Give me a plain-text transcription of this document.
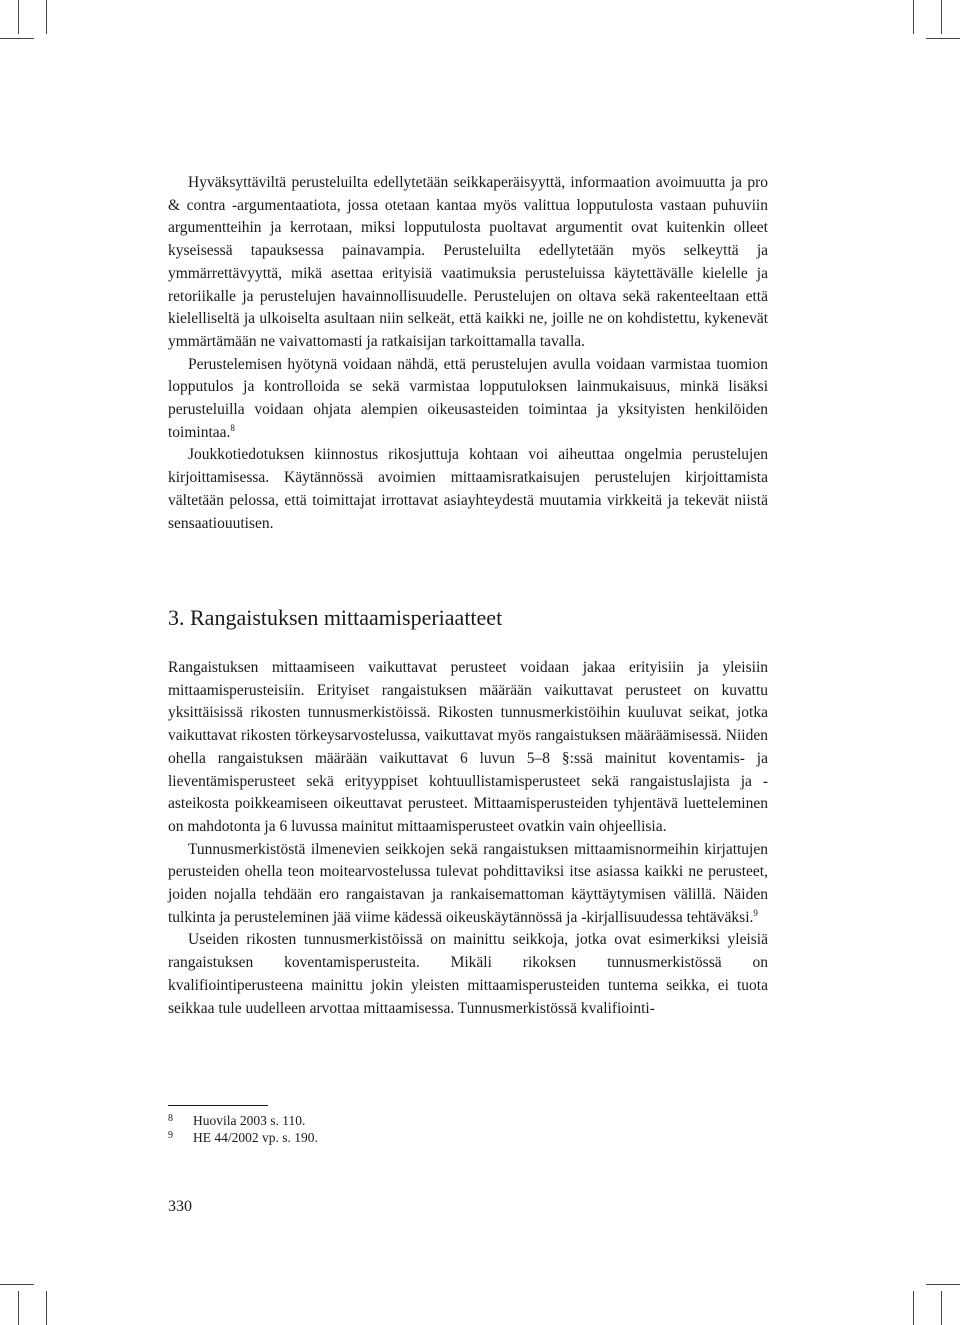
Hyväksyttäviltä perusteluilta edellytetään seikkaperäisyyttä, informaation avoimuutta ja pro & contra -argumentaatiota, jossa otetaan kantaa myös valittua lopputulosta vastaan puhuviin argumentteihin ja kerrotaan, miksi lopputulosta puoltavat argumentit ovat kuitenkin olleet kyseisessä tapauksessa painavampia. Perusteluilta edellytetään myös selkeyttä ja ymmärrettävyyttä, mikä asettaa erityisiä vaatimuksia perusteluissa käytettävälle kielelle ja retoriikalle ja perustelujen havainnollisuudelle. Perustelujen on oltava sekä rakenteeltaan että kielelliseltä ja ulkoiselta asultaan niin selkeät, että kaikki ne, joille ne on kohdistettu, kykenevät ymmärtämään ne vaivattomasti ja ratkaisijan tarkoittamalla tavalla.

Perustelemisen hyötynä voidaan nähdä, että perustelujen avulla voidaan varmistaa tuomion lopputulos ja kontrolloida se sekä varmistaa lopputuloksen lainmukaisuus, minkä lisäksi perusteluilla voidaan ohjata alempien oikeusasteiden toimintaa ja yksityisten henkilöiden toimintaa.$^8$

Joukkotiedotuksen kiinnostus rikosjuttuja kohtaan voi aiheuttaa ongelmia perustelujen kirjoittamisessa. Käytännössä avoimien mittaamisratkaisujen perustelujen kirjoittamista vältetään pelossa, että toimittajat irrottavat asiayhteydestä muutamia virkkeitä ja tekevät niistä sensaatiouutisen.

3. Rangaistuksen mittaamisperiaatteet

Rangaistuksen mittaamiseen vaikuttavat perusteet voidaan jakaa erityisiin ja yleisiin mittaamisperusteisiin. Erityiset rangaistuksen määrään vaikuttavat perusteet on kuvattu yksittäisissä rikosten tunnusmerkistöissä. Rikosten tunnusmerkistöihin kuuluvat seikat, jotka vaikuttavat rikosten törkeysarvostelussa, vaikuttavat myös rangaistuksen määräämisessä. Niiden ohella rangaistuksen määrään vaikuttavat 6 luvun 5–8 §:ssä mainitut koventamis- ja lieventämisperusteet sekä erityyppiset kohtuullistamisperusteet sekä rangaistuslajista ja -asteikosta poikkeamiseen oikeuttavat perusteet. Mittaamisperusteiden tyhjentävä luetteleminen on mahdotonta ja 6 luvussa mainitut mittaamisperusteet ovatkin vain ohjeellisia.

Tunnusmerkistöstä ilmenevien seikkojen sekä rangaistuksen mittaamisnormeihin kirjattujen perusteiden ohella teon moitearvostelussa tulevat pohdittaviksi itse asiassa kaikki ne perusteet, joiden nojalla tehdään ero rangaistavan ja rankaisemattoman käyttäytymisen välillä. Näiden tulkinta ja perusteleminen jää viime kädessä oikeuskäytännössä ja -kirjallisuudessa tehtäväksi.$^9$

Useiden rikosten tunnusmerkistöissä on mainittu seikkoja, jotka ovat esimerkiksi yleisiä rangaistuksen koventamisperusteita. Mikäli rikoksen tunnusmerkistössä on kvalifiointiperusteena mainittu jokin yleisten mittaamisperusteiden tuntema seikka, ei tuota seikkaa tule uudelleen arvottaa mittaamisessa. Tunnusmerkistössä kvalifiointi-

8	Huovila 2003 s. 110.
9	HE 44/2002 vp. s. 190.
330
